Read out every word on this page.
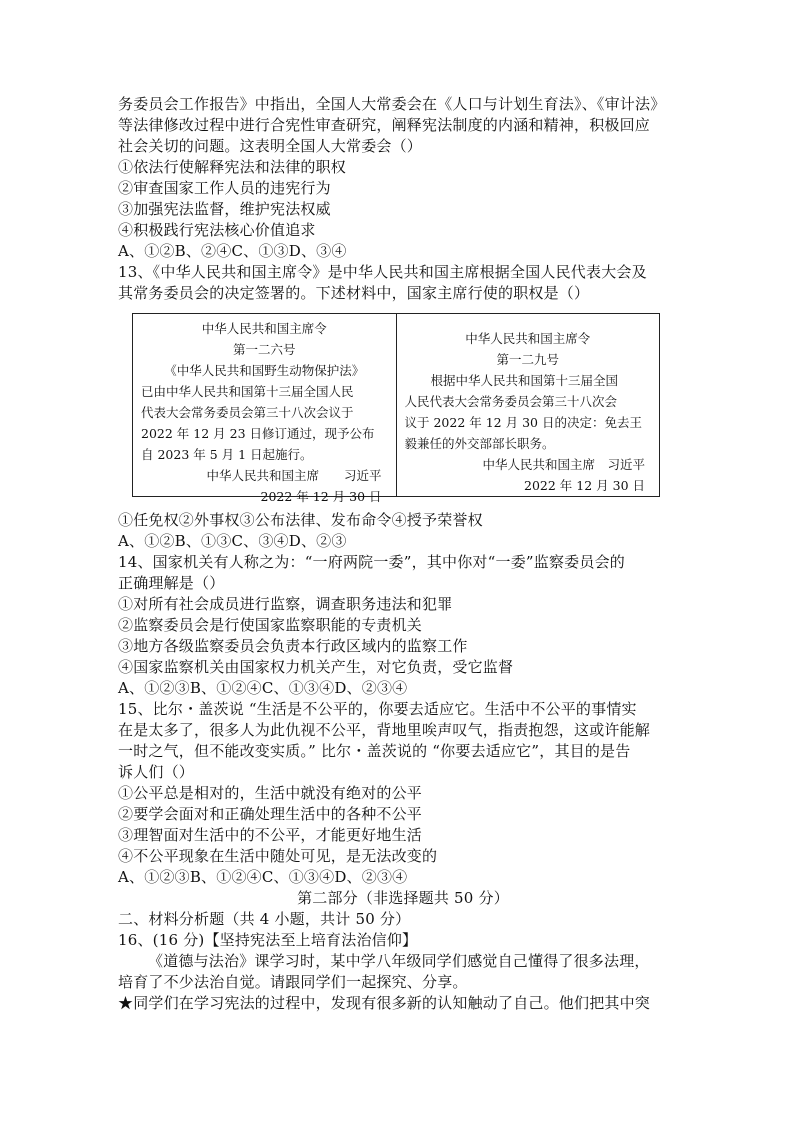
务委员会工作报告》中指出，全国人大常委会在《人口与计划生育法》、《审计法》
等法律修改过程中进行合宪性审查研究，阐释宪法制度的内涵和精神，积极回应
社会关切的问题。这表明全国人大常委会（）
①依法行使解释宪法和法律的职权
②审查国家工作人员的违宪行为
③加强宪法监督，维护宪法权威
④积极践行宪法核心价值追求
A、①②B、②④C、①③D、③④
13、《中华人民共和国主席令》是中华人民共和国主席根据全国人民代表大会及
其常务委员会的决定签署的。下述材料中，国家主席行使的职权是（）
中华人民共和国主席令
第一二六号
《中华人民共和国野生动物保护法》
已由中华人民共和国第十三届全国人民
代表大会常务委员会第三十八次会议于
2022 年 12 月 23 日修订通过，现予公布
自 2023 年 5 月 1 日起施行。
中华人民共和国主席　　习近平
2022 年 12 月 30 日
中华人民共和国主席令
第一二九号
根据中华人民共和国第十三届全国
人民代表大会常务委员会第三十八次会
议于 2022 年 12 月 30 日的决定：免去王
毅兼任的外交部部长职务。
中华人民共和国主席　习近平
2022 年 12 月 30 日
①任免权②外事权③公布法律、发布命令④授予荣誉权
A、①②B、①③C、③④D、②③
14、国家机关有人称之为：“一府两院一委”，其中你对“一委”监察委员会的
正确理解是（）
①对所有社会成员进行监察，调查职务违法和犯罪
②监察委员会是行使国家监察职能的专责机关
③地方各级监察委员会负责本行政区域内的监察工作
④国家监察机关由国家权力机关产生，对它负责，受它监督
A、①②③B、①②④C、①③④D、②③④
15、比尔・盖茨说 “生活是不公平的，你要去适应它。生活中不公平的事情实
在是太多了，很多人为此仇视不公平，背地里唉声叹气，指责抱怨，这或许能解
一时之气，但不能改变实质。” 比尔・盖茨说的 “你要去适应它”，其目的是告
诉人们（）
①公平总是相对的，生活中就没有绝对的公平
②要学会面对和正确处理生活中的各种不公平
③理智面对生活中的不公平，才能更好地生活
④不公平现象在生活中随处可见，是无法改变的
A、①②③B、①②④C、①③④D、②③④
第二部分（非选择题共 50 分）
二、材料分析题（共 4 小题，共计 50 分）
16、(16 分)【坚持宪法至上培育法治信仰】
《道德与法治》课学习时，某中学八年级同学们感觉自己懂得了很多法理，
培育了不少法治自觉。请跟同学们一起探究、分享。
★同学们在学习宪法的过程中，发现有很多新的认知触动了自己。他们把其中突
